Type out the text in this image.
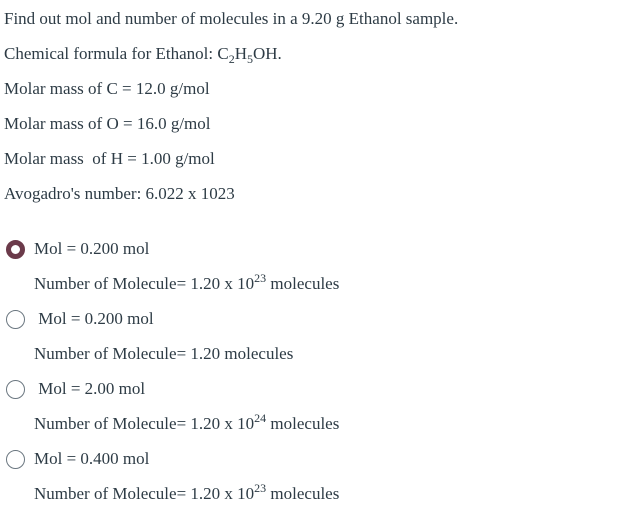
Find out mol and number of molecules in a 9.20 g Ethanol sample.
Chemical formula for Ethanol: $C_2H_5OH$.
Molar mass of C = 12.0 g/mol
Molar mass of O = 16.0 g/mol
Molar mass  of H = 1.00 g/mol
Avogadro's number: 6.022 x 1023
Mol = 0.200 mol
Number of Molecule= 1.20 x $10^{23}$ molecules
Mol = 0.200 mol
Number of Molecule= 1.20 molecules
Mol = 2.00 mol
Number of Molecule= 1.20 x $10^{24}$ molecules
Mol = 0.400 mol
Number of Molecule= 1.20 x $10^{23}$ molecules
